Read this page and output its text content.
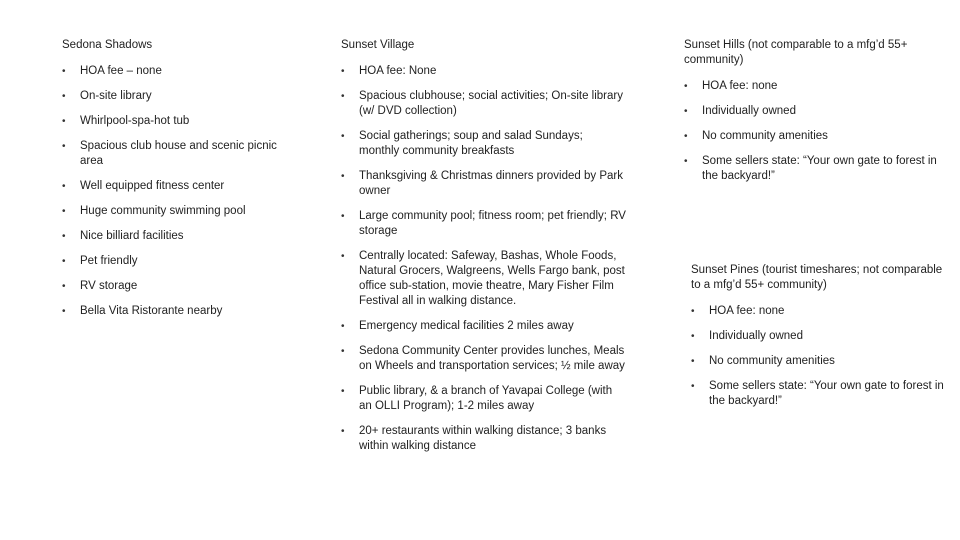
Sedona Shadows
• HOA fee – none
• On-site library
• Whirlpool-spa-hot tub
• Spacious club house and scenic picnic area
• Well equipped fitness center
• Huge community swimming pool
• Nice billiard facilities
• Pet friendly
• RV storage
• Bella Vita Ristorante nearby
Sunset Village
• HOA fee: None
• Spacious clubhouse; social activities; On-site library (w/ DVD collection)
• Social gatherings; soup and salad Sundays; monthly community breakfasts
• Thanksgiving & Christmas dinners provided by Park owner
• Large community pool; fitness room; pet friendly; RV storage
• Centrally located: Safeway, Bashas, Whole Foods, Natural Grocers, Walgreens, Wells Fargo bank, post office sub-station, movie theatre, Mary Fisher Film Festival all in walking distance.
• Emergency medical facilities 2 miles away
• Sedona Community Center provides lunches, Meals on Wheels and transportation services; ½ mile away
• Public library, & a branch of Yavapai College (with an OLLI Program); 1-2 miles away
• 20+ restaurants within walking distance; 3 banks within walking distance
Sunset Hills (not comparable to a mfg’d 55+ community)
• HOA fee: none
• Individually owned
• No community amenities
• Some sellers state: “Your own gate to forest in the backyard!”
Sunset Pines (tourist timeshares; not comparable to a mfg’d 55+ community)
• HOA fee: none
• Individually owned
• No community amenities
• Some sellers state: “Your own gate to forest in the backyard!”
